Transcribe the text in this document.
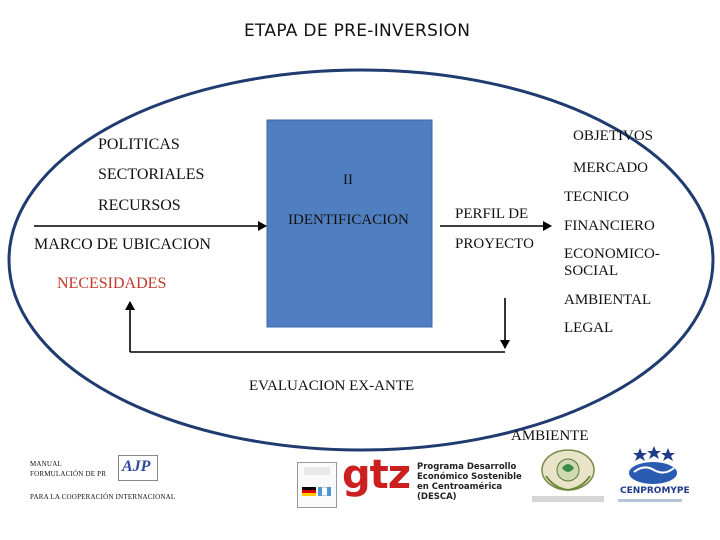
ETAPA DE PRE-INVERSION
POLITICAS
SECTORIALES
RECURSOS
MARCO DE UBICACION
NECESIDADES
II
IDENTIFICACION	PERFIL DE
PROYECTO
OBJETIVOS
MERCADO
TECNICO
FINANCIERO
ECONOMICO-
SOCIAL
AMBIENTAL
LEGAL
EVALUACION EX-ANTE
AMBIENTE
MANUAL
FORMULACIÓN DE PR AJP
PARA LA COOPERACIÓN INTERNACIONAL	gtz Programa Desarrollo
Económico Sostenible
en Centroamérica
(DESCA)
CENPROMYPE
